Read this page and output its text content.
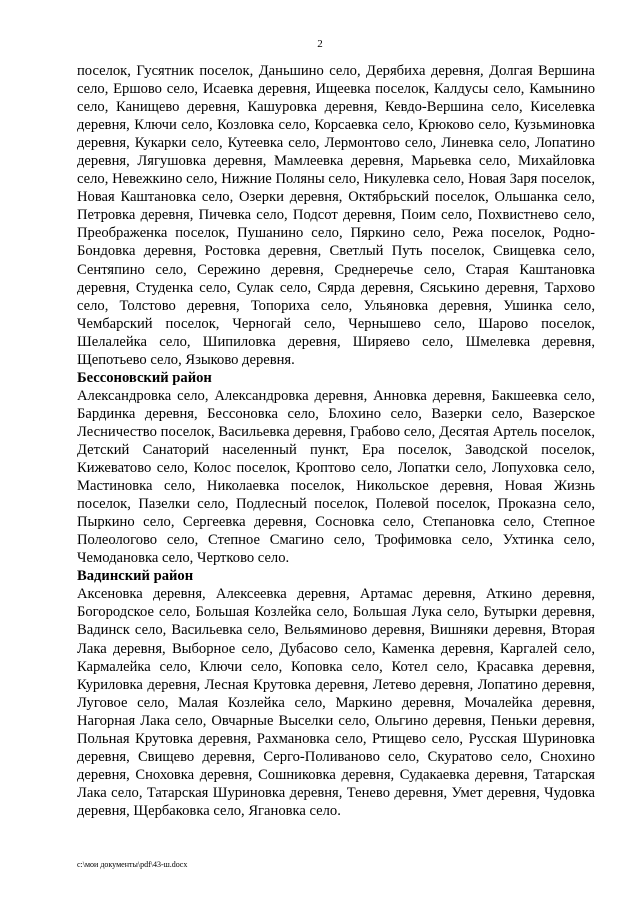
2

поселок, Гусятник поселок, Даньшино село, Дерябиха деревня, Долгая Вершина село, Ершово село, Исаевка деревня, Ищеевка поселок, Калдусы село, Камынино село, Канищево деревня, Кашуровка деревня, Кевдо-Вершина село, Киселевка деревня, Ключи село, Козловка село, Корсаевка село, Крюково село, Кузьминовка деревня, Кукарки село, Кутеевка село, Лермонтово село, Линевка село, Лопатино деревня, Лягушовка деревня, Мамлеевка деревня, Марьевка село, Михайловка село, Невежкино село, Нижние Поляны село, Никулевка село, Новая Заря поселок, Новая Каштановка село, Озерки деревня, Октябрьский поселок, Ольшанка село, Петровка деревня, Пичевка село, Подсот деревня, Поим село, Похвистнево село, Преображенка поселок, Пушанино село, Пяркино село, Режа поселок, Родно-Бондовка деревня, Ростовка деревня, Светлый Путь поселок, Свищевка село, Сентяпино село, Сережино деревня, Среднеречье село, Старая Каштановка деревня, Студенка село, Сулак село, Сярда деревня, Сяськино деревня, Тархово село, Толстово деревня, Топориха село, Ульяновка деревня, Ушинка село, Чембарский поселок, Черногай село, Чернышево село, Шарово поселок, Шелалейка село, Шипиловка деревня, Ширяево село, Шмелевка деревня, Щепотьево село, Языково деревня.

Бессоновский район

Александровка село, Александровка деревня, Анновка деревня, Бакшеевка село, Бардинка деревня, Бессоновка село, Блохино село, Вазерки село, Вазерское Лесничество поселок, Васильевка деревня, Грабово село, Десятая Артель поселок, Детский Санаторий населенный пункт, Ера поселок, Заводской поселок, Кижеватово село, Колос поселок, Кроптово село, Лопатки село, Лопуховка село, Мастиновка село, Николаевка поселок, Никольское деревня, Новая Жизнь поселок, Пазелки село, Подлесный поселок, Полевой поселок, Проказна село, Пыркино село, Сергеевка деревня, Сосновка село, Степановка село, Степное Полеологово село, Степное Смагино село, Трофимовка село, Ухтинка село, Чемодановка село, Чертково село.

Вадинский район

Аксеновка деревня, Алексеевка деревня, Артамас деревня, Аткино деревня, Богородское село, Большая Козлейка село, Большая Лука село, Бутырки деревня, Вадинск село, Васильевка село, Вельяминово деревня, Вишняки деревня, Вторая Лака деревня, Выборное село, Дубасово село, Каменка деревня, Каргалей село, Кармалейка село, Ключи село, Коповка село, Котел село, Красавка деревня, Куриловка деревня, Лесная Крутовка деревня, Летево деревня, Лопатино деревня, Луговое село, Малая Козлейка село, Маркино деревня, Мочалейка деревня, Нагорная Лака село, Овчарные Выселки село, Ольгино деревня, Пеньки деревня, Польная Крутовка деревня, Рахмановка село, Ртищево село, Русская Шуриновка деревня, Свищево деревня, Серго-Поливаново село, Скуратово село, Снохино деревня, Сноховка деревня, Сошниковка деревня, Судакаевка деревня, Татарская Лака село, Татарская Шуриновка деревня, Тенево деревня, Умет деревня, Чудовка деревня, Щербаковка село, Ягановка село.

c:\мои документы\pdf\43-ш.docx
